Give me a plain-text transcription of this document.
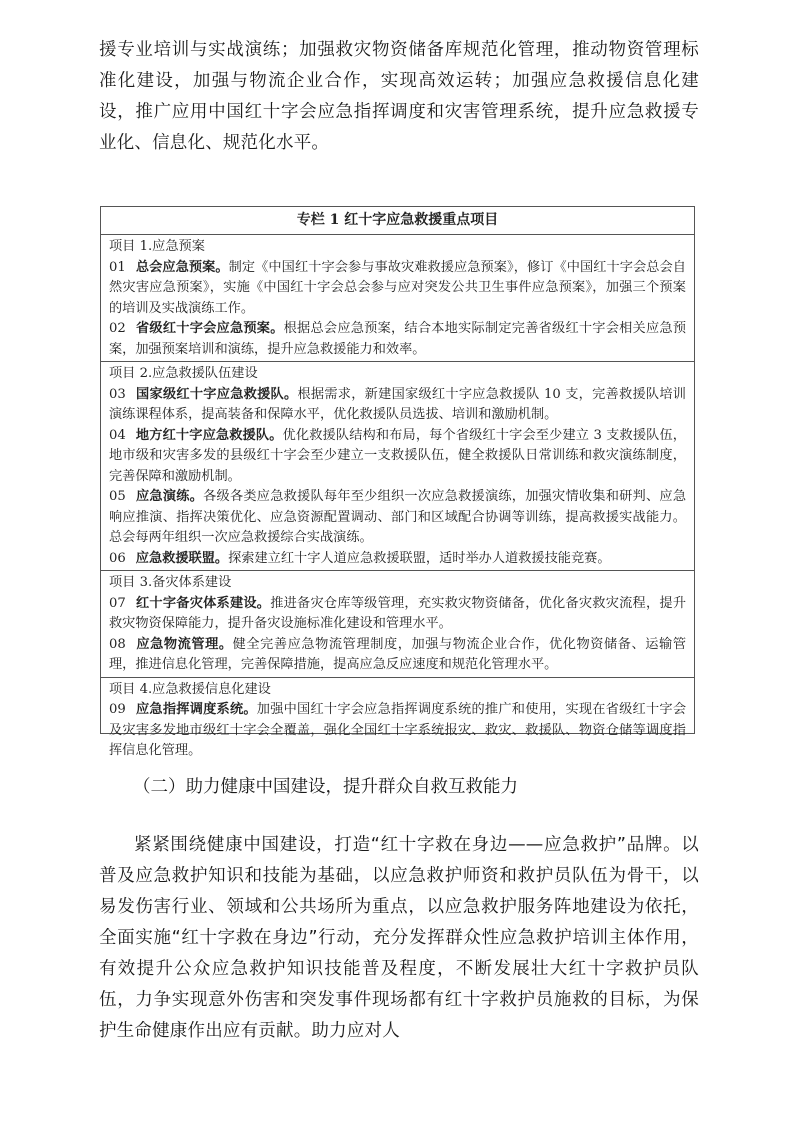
援专业培训与实战演练；加强救灾物资储备库规范化管理，推动物资管理标准化建设，加强与物流企业合作，实现高效运转；加强应急救援信息化建设，推广应用中国红十字会应急指挥调度和灾害管理系统，提升应急救援专业化、信息化、规范化水平。

专栏 1 红十字应急救援重点项目

项目 1.应急预案

01 总会应急预案。制定《中国红十字会参与事故灾难救援应急预案》，修订《中国红十字会总会自然灾害应急预案》，实施《中国红十字会总会参与应对突发公共卫生事件应急预案》，加强三个预案的培训及实战演练工作。

02 省级红十字会应急预案。根据总会应急预案，结合本地实际制定完善省级红十字会相关应急预案，加强预案培训和演练，提升应急救援能力和效率。

项目 2.应急救援队伍建设

03 国家级红十字应急救援队。根据需求，新建国家级红十字应急救援队 10 支，完善救援队培训演练课程体系，提高装备和保障水平，优化救援队员选拔、培训和激励机制。

04 地方红十字应急救援队。优化救援队结构和布局，每个省级红十字会至少建立 3 支救援队伍，地市级和灾害多发的县级红十字会至少建立一支救援队伍，健全救援队日常训练和救灾演练制度，完善保障和激励机制。

05 应急演练。各级各类应急救援队每年至少组织一次应急救援演练，加强灾情收集和研判、应急响应推演、指挥决策优化、应急资源配置调动、部门和区域配合协调等训练，提高救援实战能力。总会每两年组织一次应急救援综合实战演练。

06 应急救援联盟。探索建立红十字人道应急救援联盟，适时举办人道救援技能竞赛。

项目 3.备灾体系建设

07 红十字备灾体系建设。推进备灾仓库等级管理，充实救灾物资储备，优化备灾救灾流程，提升救灾物资保障能力，提升备灾设施标准化建设和管理水平。

08 应急物流管理。健全完善应急物流管理制度，加强与物流企业合作，优化物资储备、运输管理，推进信息化管理，完善保障措施，提高应急反应速度和规范化管理水平。

项目 4.应急救援信息化建设

09 应急指挥调度系统。加强中国红十字会应急指挥调度系统的推广和使用，实现在省级红十字会及灾害多发地市级红十字会全覆盖，强化全国红十字系统报灾、救灾、救援队、物资仓储等调度指挥信息化管理。

（二）助力健康中国建设，提升群众自救互救能力

紧紧围绕健康中国建设，打造“红十字救在身边——应急救护”品牌。以普及应急救护知识和技能为基础，以应急救护师资和救护员队伍为骨干，以易发伤害行业、领域和公共场所为重点，以应急救护服务阵地建设为依托，全面实施“红十字救在身边”行动，充分发挥群众性应急救护培训主体作用，有效提升公众应急救护知识技能普及程度，不断发展壮大红十字救护员队伍，力争实现意外伤害和突发事件现场都有红十字救护员施救的目标，为保护生命健康作出应有贡献。助力应对人
